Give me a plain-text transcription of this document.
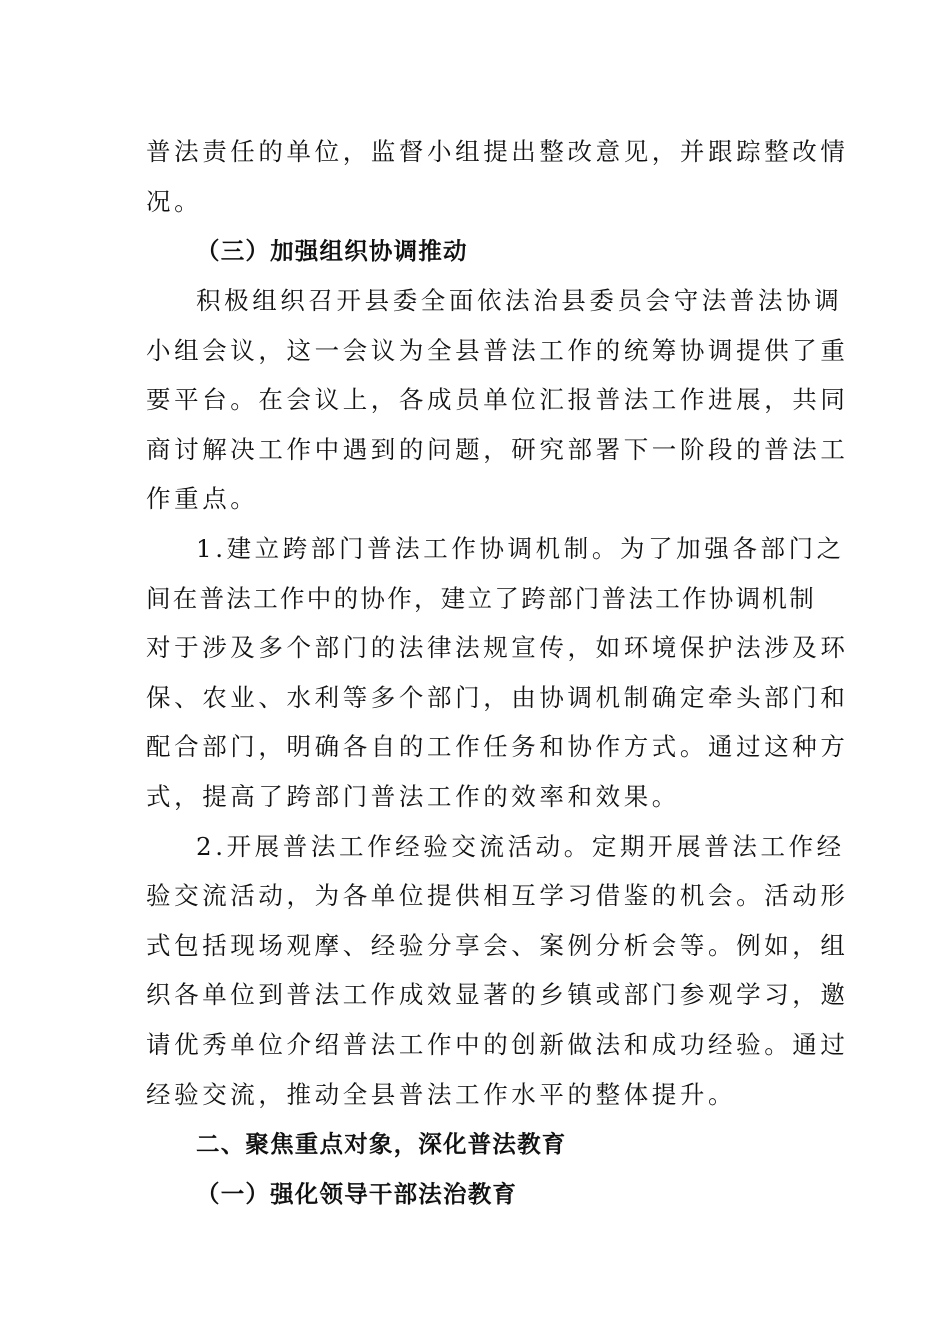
普法责任的单位，监督小组提出整改意见，并跟踪整改情
况。
（三）加强组织协调推动
积极组织召开县委全面依法治县委员会守法普法协调
小组会议，这一会议为全县普法工作的统筹协调提供了重
要平台。在会议上，各成员单位汇报普法工作进展，共同
商讨解决工作中遇到的问题，研究部署下一阶段的普法工
作重点。
1.建立跨部门普法工作协调机制。为了加强各部门之
间在普法工作中的协作，建立了跨部门普法工作协调机制
对于涉及多个部门的法律法规宣传，如环境保护法涉及环
保、农业、水利等多个部门，由协调机制确定牵头部门和
配合部门，明确各自的工作任务和协作方式。通过这种方
式，提高了跨部门普法工作的效率和效果。
2.开展普法工作经验交流活动。定期开展普法工作经
验交流活动，为各单位提供相互学习借鉴的机会。活动形
式包括现场观摩、经验分享会、案例分析会等。例如，组
织各单位到普法工作成效显著的乡镇或部门参观学习，邀
请优秀单位介绍普法工作中的创新做法和成功经验。通过
经验交流，推动全县普法工作水平的整体提升。
二、聚焦重点对象，深化普法教育
（一）强化领导干部法治教育
